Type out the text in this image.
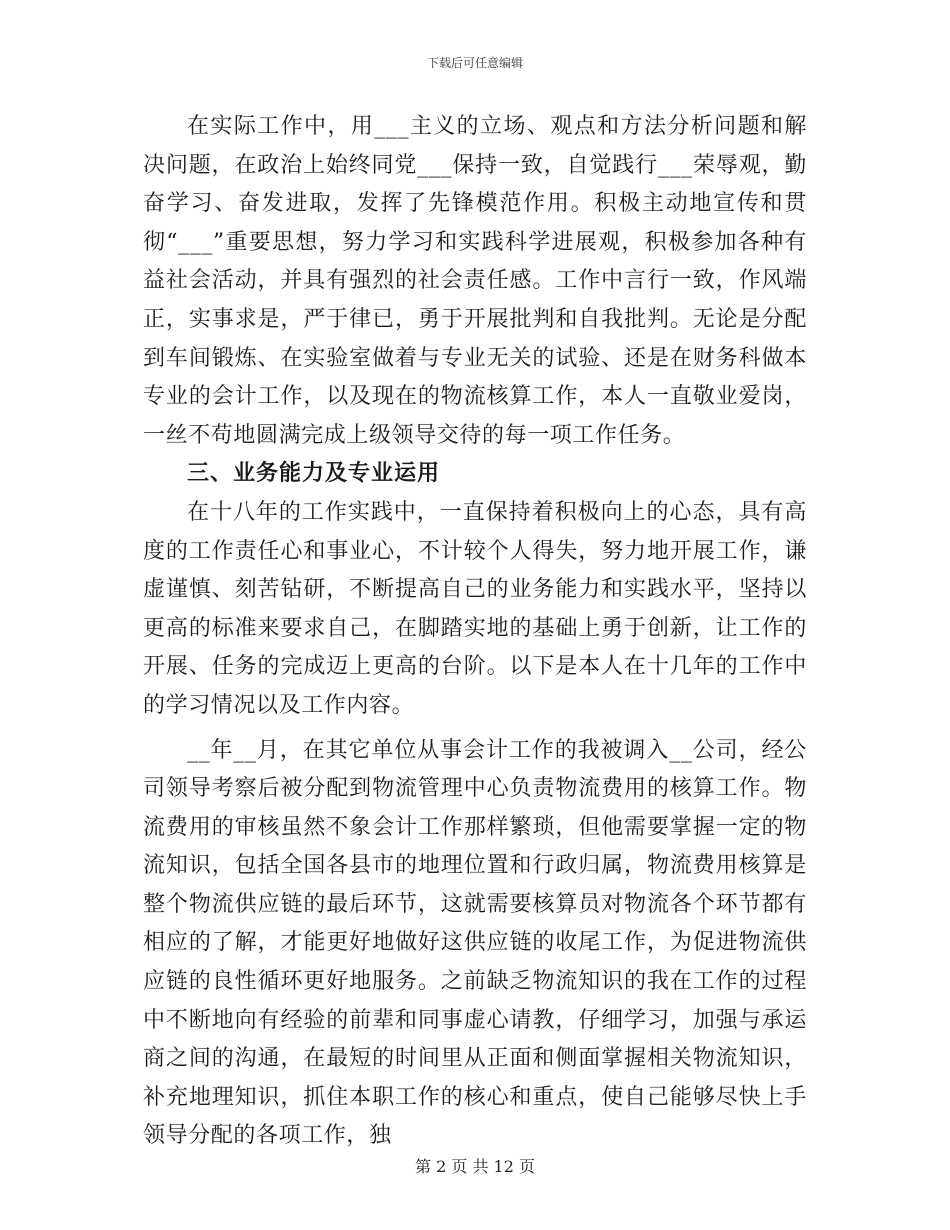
下载后可任意编辑

在实际工作中，用___主义的立场、观点和方法分析问题和解决问题，在政治上始终同党___保持一致，自觉践行___荣辱观，勤奋学习、奋发进取，发挥了先锋模范作用。积极主动地宣传和贯彻“___”重要思想，努力学习和实践科学进展观，积极参加各种有益社会活动，并具有强烈的社会责任感。工作中言行一致，作风端正，实事求是，严于律已，勇于开展批判和自我批判。无论是分配到车间锻炼、在实验室做着与专业无关的试验、还是在财务科做本专业的会计工作，以及现在的物流核算工作，本人一直敬业爱岗，一丝不苟地圆满完成上级领导交待的每一项工作任务。

三、业务能力及专业运用

在十八年的工作实践中，一直保持着积极向上的心态，具有高度的工作责任心和事业心，不计较个人得失，努力地开展工作，谦虚谨慎、刻苦钻研，不断提高自己的业务能力和实践水平，坚持以更高的标准来要求自己，在脚踏实地的基础上勇于创新，让工作的开展、任务的完成迈上更高的台阶。以下是本人在十几年的工作中的学习情况以及工作内容。

__年__月，在其它单位从事会计工作的我被调入__公司，经公司领导考察后被分配到物流管理中心负责物流费用的核算工作。物流费用的审核虽然不象会计工作那样繁琐，但他需要掌握一定的物流知识，包括全国各县市的地理位置和行政归属，物流费用核算是整个物流供应链的最后环节，这就需要核算员对物流各个环节都有相应的了解，才能更好地做好这供应链的收尾工作，为促进物流供应链的良性循环更好地服务。之前缺乏物流知识的我在工作的过程中不断地向有经验的前辈和同事虚心请教，仔细学习，加强与承运商之间的沟通，在最短的时间里从正面和侧面掌握相关物流知识，补充地理知识，抓住本职工作的核心和重点，使自己能够尽快上手领导分配的各项工作，独

第 2 页 共 12 页
